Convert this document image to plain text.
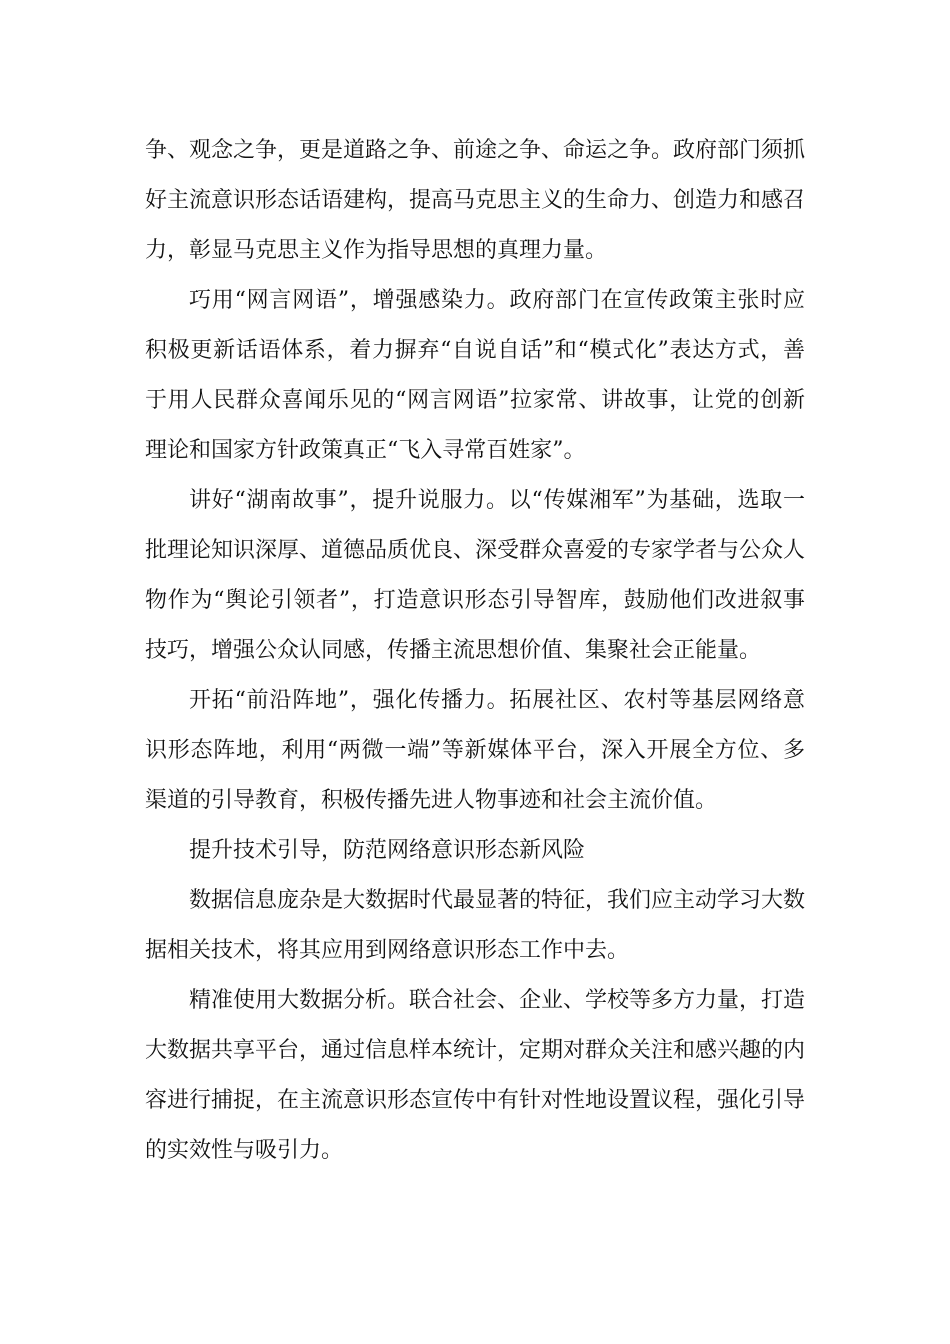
争、观念之争，更是道路之争、前途之争、命运之争。政府部门须抓好主流意识形态话语建构，提高马克思主义的生命力、创造力和感召力，彰显马克思主义作为指导思想的真理力量。

巧用“网言网语”，增强感染力。政府部门在宣传政策主张时应积极更新话语体系，着力摒弃“自说自话”和“模式化”表达方式，善于用人民群众喜闻乐见的“网言网语”拉家常、讲故事，让党的创新理论和国家方针政策真正“飞入寻常百姓家”。

讲好“湖南故事”，提升说服力。以“传媒湘军”为基础，选取一批理论知识深厚、道德品质优良、深受群众喜爱的专家学者与公众人物作为“舆论引领者”，打造意识形态引导智库，鼓励他们改进叙事技巧，增强公众认同感，传播主流思想价值、集聚社会正能量。

开拓“前沿阵地”，强化传播力。拓展社区、农村等基层网络意识形态阵地，利用“两微一端”等新媒体平台，深入开展全方位、多渠道的引导教育，积极传播先进人物事迹和社会主流价值。

提升技术引导，防范网络意识形态新风险

数据信息庞杂是大数据时代最显著的特征，我们应主动学习大数据相关技术，将其应用到网络意识形态工作中去。

精准使用大数据分析。联合社会、企业、学校等多方力量，打造大数据共享平台，通过信息样本统计，定期对群众关注和感兴趣的内容进行捕捉，在主流意识形态宣传中有针对性地设置议程，强化引导的实效性与吸引力。
